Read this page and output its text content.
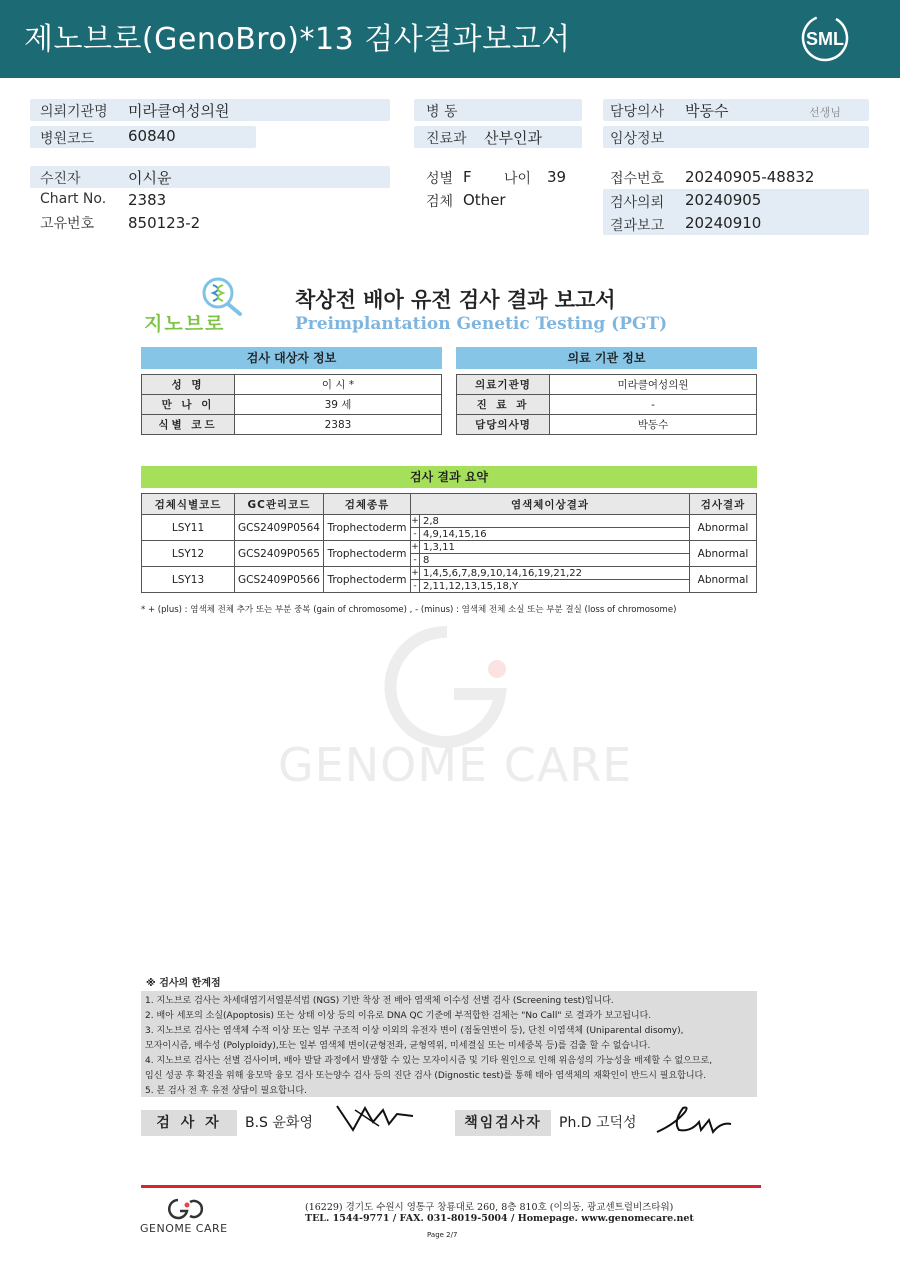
제노브로(GenoBro)*13 검사결과보고서	SML
의뢰기관명 미라클여성의원
병원코드 60840
수진자	이시윤
Chart No. 2383
고유번호 850123-2
병 동
진료과 산부인과
성별 F 나이 39
검체 Other
담당의사 박동수	선생님
임상정보
접수번호 20240905-48832
검사의뢰 20240905
결과보고 20240910
지노브로
착상전 배아 유전 검사 결과 보고서
Preimplantation Genetic Testing (PGT)
검사 대상자 정보	의료 기관 정보
성 명	이 시 *
만 나 이	39 세
식별 코드	2383
의료기관명	미라클여성의원
진 료 과	-
담당의사명	박동수
검사 결과 요약
검체식별코드	GC관리코드	검체종류	염색체이상결과		검사결과
LSY11	GCS2409P0564	Trophectoderm	+	2,8	Abnormal
			-	4,9,14,15,16	
LSY12	GCS2409P0565	Trophectoderm	+	1,3,11	Abnormal
			-	8	
LSY13	GCS2409P0566	Trophectoderm	+	1,4,5,6,7,8,9,10,14,16,19,21,22	Abnormal
			-	2,11,12,13,15,18,Y	
* + (plus) : 염색체 전체 추가 또는 부분 중복 (gain of chromosome) , - (minus) : 염색체 전체 소실 또는 부분 결실 (loss of chromosome)
GENOME CARE
※ 검사의 한계점
1. 지노브로 검사는 차세대염기서열분석법 (NGS) 기반 착상 전 배아 염색체 이수성 선별 검사 (Screening test)입니다.
2. 배아 세포의 소실(Apoptosis) 또는 상태 이상 등의 이유로 DNA QC 기준에 부적합한 검체는 "No Call" 로 결과가 보고됩니다.
3. 지노브로 검사는 염색체 수적 이상 또는 일부 구조적 이상 이외의 유전자 변이 (점돌연변이 등), 단친 이염색체 (Uniparental disomy),
모자이시즘, 배수성 (Polyploidy),또는 일부 염색체 변이(균형전좌, 균형역위, 미세결실 또는 미세중복 등)를 검출 할 수 없습니다.
4. 지노브로 검사는 선별 검사이며, 배아 발달 과정에서 발생할 수 있는 모자이시즘 및 기타 원인으로 인해 위음성의 가능성을 배제할 수 없으므로,
임신 성공 후 확진을 위해 융모막 융모 검사 또는양수 검사 등의 진단 검사 (Dignostic test)를 통해 태아 염색체의 재확인이 반드시 필요합니다.
5. 본 검사 전 후 유전 상담이 필요합니다.
검 사 자	B.S 윤화영	책임검사자	Ph.D 고덕성
GENOME CARE
(16229) 경기도 수원시 영통구 창룡대로 260, 8층 810호 (이의동, 광교센트럴비즈타워)
TEL. 1544-9771 / FAX. 031-8019-5004 / Homepage. www.genomecare.net
Page 2/7
